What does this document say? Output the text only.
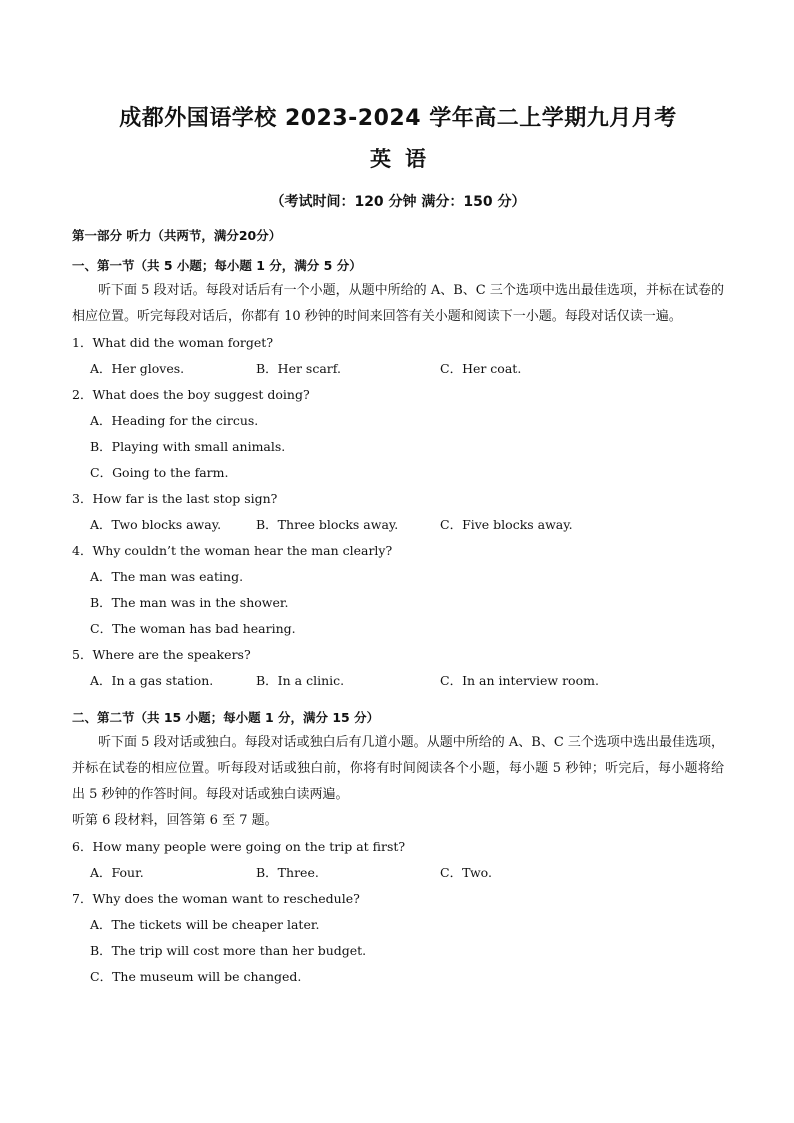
成都外国语学校 2023-2024 学年高二上学期九月月考
英语
（考试时间：120 分钟 满分：150 分）
第一部分 听力（共两节，满分20分）
一、第一节（共 5 小题；每小题 1 分，满分 5 分）

听下面 5 段对话。每段对话后有一个小题，从题中所给的 A、B、C 三个选项中选出最佳选项，并标在试卷的相应位置。听完每段对话后，你都有 10 秒钟的时间来回答有关小题和阅读下一小题。每段对话仅读一遍。

1．What did the woman forget?
A．Her gloves.	B．Her scarf.	C．Her coat.
2．What does the boy suggest doing?
A．Heading for the circus.
B．Playing with small animals.
C．Going to the farm.
3．How far is the last stop sign?
A．Two blocks away.	B．Three blocks away.	C．Five blocks away.
4．Why couldn’t the woman hear the man clearly?
A．The man was eating.
B．The man was in the shower.
C．The woman has bad hearing.
5．Where are the speakers?
A．In a gas station.	B．In a clinic.	C．In an interview room.
二、第二节（共 15 小题；每小题 1 分，满分 15 分）

听下面 5 段对话或独白。每段对话或独白后有几道小题。从题中所给的 A、B、C 三个选项中选出最佳选项，并标在试卷的相应位置。听每段对话或独白前，你将有时间阅读各个小题，每小题 5 秒钟；听完后，每小题将给出 5 秒钟的作答时间。每段对话或独白读两遍。

听第 6 段材料，回答第 6 至 7 题。
6．How many people were going on the trip at first?
A．Four.	B．Three.	C．Two.
7．Why does the woman want to reschedule?
A．The tickets will be cheaper later.
B．The trip will cost more than her budget.
C．The museum will be changed.
